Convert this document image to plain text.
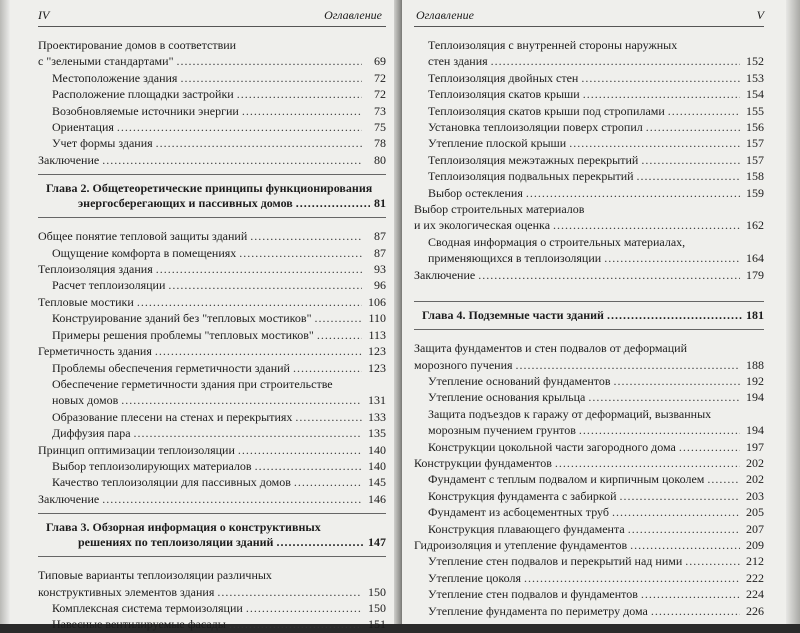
IV	Оглавление
Проектирование домов в соответствии
с "зелеными стандартами" .....	69
Местоположение здания .....	72
Расположение площадки застройки .....	72
Возобновляемые источники энергии .....	73
Ориентация .....	75
Учет формы здания .....	78
Заключение .....	80
Глава 2. Общетеоретические принципы функционирования
энергосберегающих и пассивных домов .....	81
Общее понятие тепловой защиты зданий .....	87
Ощущение комфорта в помещениях .....	87
Теплоизоляция здания .....	93
Расчет теплоизоляции .....	96
Тепловые мостики .....	106
Конструирование зданий без "тепловых мостиков" .....	110
Примеры решения проблемы "тепловых мостиков" .....	113
Герметичность здания .....	123
Проблемы обеспечения герметичности зданий .....	123
Обеспечение герметичности здания при строительстве
новых домов .....	131
Образование плесени на стенах и перекрытиях .....	133
Диффузия пара .....	135
Принцип оптимизации теплоизоляции .....	140
Выбор теплоизолирующих материалов .....	140
Качество теплоизоляции для пассивных домов .....	145
Заключение .....	146
Глава 3. Обзорная информация о конструктивных
решениях по теплоизоляции зданий .....	147
Типовые варианты теплоизоляции различных
конструктивных элементов здания .....	150
Комплексная система термоизоляции .....	150
Навесные вентилируемые фасады .....	151
Оглавление	V
Теплоизоляция с внутренней стороны наружных
стен здания .....	152
Теплоизоляция двойных стен .....	153
Теплоизоляция скатов крыши .....	154
Теплоизоляция скатов крыши под стропилами .....	155
Установка теплоизоляции поверх стропил .....	156
Утепление плоской крыши .....	157
Теплоизоляция межэтажных перекрытий .....	157
Теплоизоляция подвальных перекрытий .....	158
Выбор остекления .....	159
Выбор строительных материалов
и их экологическая оценка .....	162
Сводная информация о строительных материалах,
применяющихся в теплоизоляции .....	164
Заключение .....	179
Глава 4. Подземные части зданий .....	181
Защита фундаментов и стен подвалов от деформаций
морозного пучения .....	188
Утепление оснований фундаментов .....	192
Утепление основания крыльца .....	194
Защита подъездов к гаражу от деформаций, вызванных
морозным пучением грунтов .....	194
Конструкции цокольной части загородного дома .....	197
Конструкции фундаментов .....	202
Фундамент с теплым подвалом и кирпичным цоколем .....	202
Конструкция фундамента с забиркой .....	203
Фундамент из асбоцементных труб .....	205
Конструкция плавающего фундамента .....	207
Гидроизоляция и утепление фундаментов .....	209
Утепление стен подвалов и перекрытий над ними .....	212
Утепление цоколя .....	222
Утепление стен подвалов и фундаментов .....	224
Утепление фундамента по периметру дома .....	226
